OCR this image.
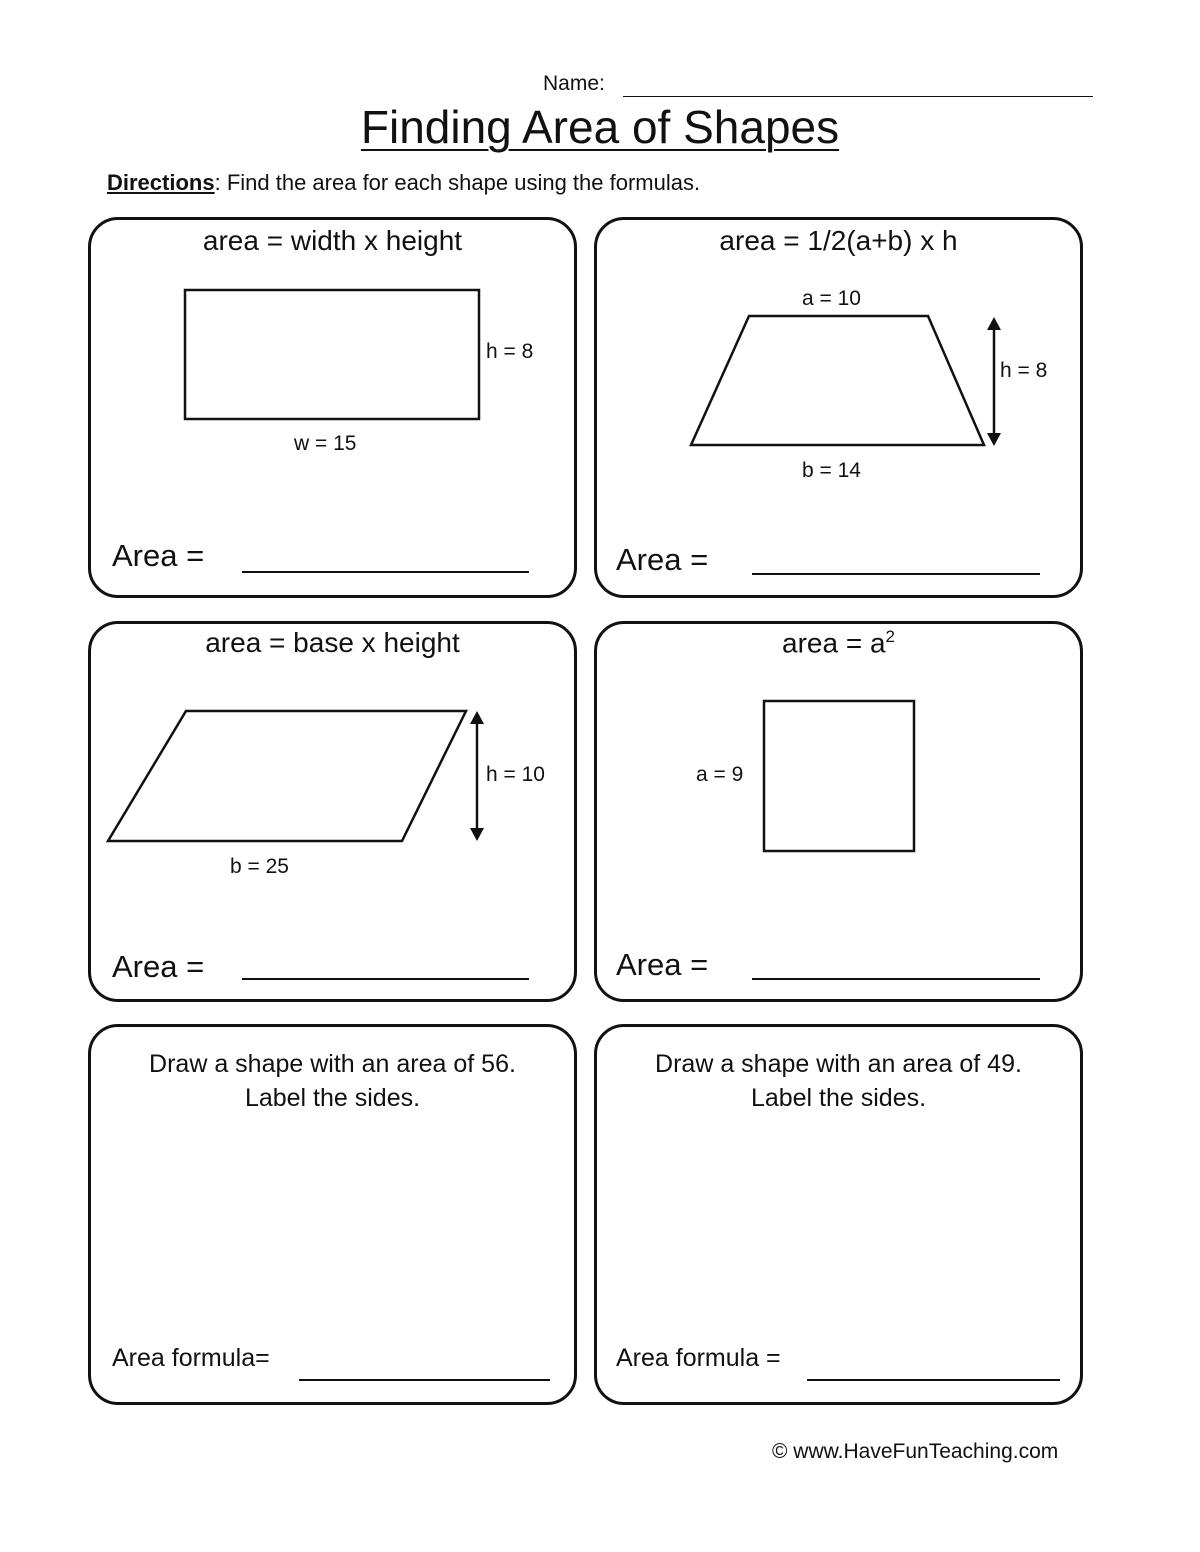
Name:
Finding Area of Shapes
Directions: Find the area for each shape using the formulas.
area = width x height
h = 8
w = 15
Area =
area = 1/2(a+b) x h
a = 10
h = 8
b = 14
Area =
area = base x height
h = 10
b = 25
Area =
area = $a^2$
a = 9
Area =
Draw a shape with an area of 56.
Label the sides.
Area formula=
Draw a shape with an area of 49.
Label the sides.
Area formula =
© www.HaveFunTeaching.com
